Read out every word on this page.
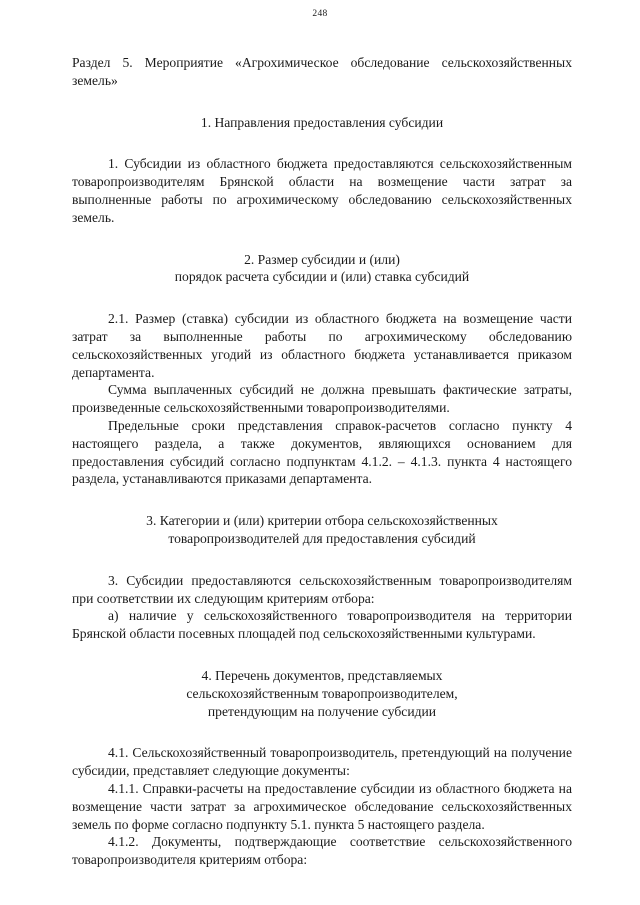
248

Раздел 5. Мероприятие «Агрохимическое обследование сельскохозяйственных земель»

1. Направления предоставления субсидии

1. Субсидии из областного бюджета предоставляются сельскохозяйственным товаропроизводителям Брянской области на возмещение части затрат за выполненные работы по агрохимическому обследованию сельскохозяйственных земель.

2. Размер субсидии и (или)
порядок расчета субсидии и (или) ставка субсидий

2.1. Размер (ставка) субсидии из областного бюджета на возмещение части затрат за выполненные работы по агрохимическому обследованию сельскохозяйственных угодий из областного бюджета устанавливается приказом департамента.

Сумма выплаченных субсидий не должна превышать фактические затраты, произведенные сельскохозяйственными товаропроизводителями.

Предельные сроки представления справок-расчетов согласно пункту 4 настоящего раздела, а также документов, являющихся основанием для предоставления субсидий согласно подпунктам 4.1.2. – 4.1.3. пункта 4 настоящего раздела, устанавливаются приказами департамента.

3. Категории и (или) критерии отбора сельскохозяйственных
товаропроизводителей для предоставления субсидий

3. Субсидии предоставляются сельскохозяйственным товаропроизводителям при соответствии их следующим критериям отбора:

а) наличие у сельскохозяйственного товаропроизводителя на территории Брянской области посевных площадей под сельскохозяйственными культурами.

4. Перечень документов, представляемых
сельскохозяйственным товаропроизводителем,
претендующим на получение субсидии

4.1. Сельскохозяйственный товаропроизводитель, претендующий на получение субсидии, представляет следующие документы:

4.1.1. Справки-расчеты на предоставление субсидии из областного бюджета на возмещение части затрат за агрохимическое обследование сельскохозяйственных земель по форме согласно подпункту 5.1. пункта 5 настоящего раздела.

4.1.2. Документы, подтверждающие соответствие сельскохозяйственного товаропроизводителя критериям отбора:
